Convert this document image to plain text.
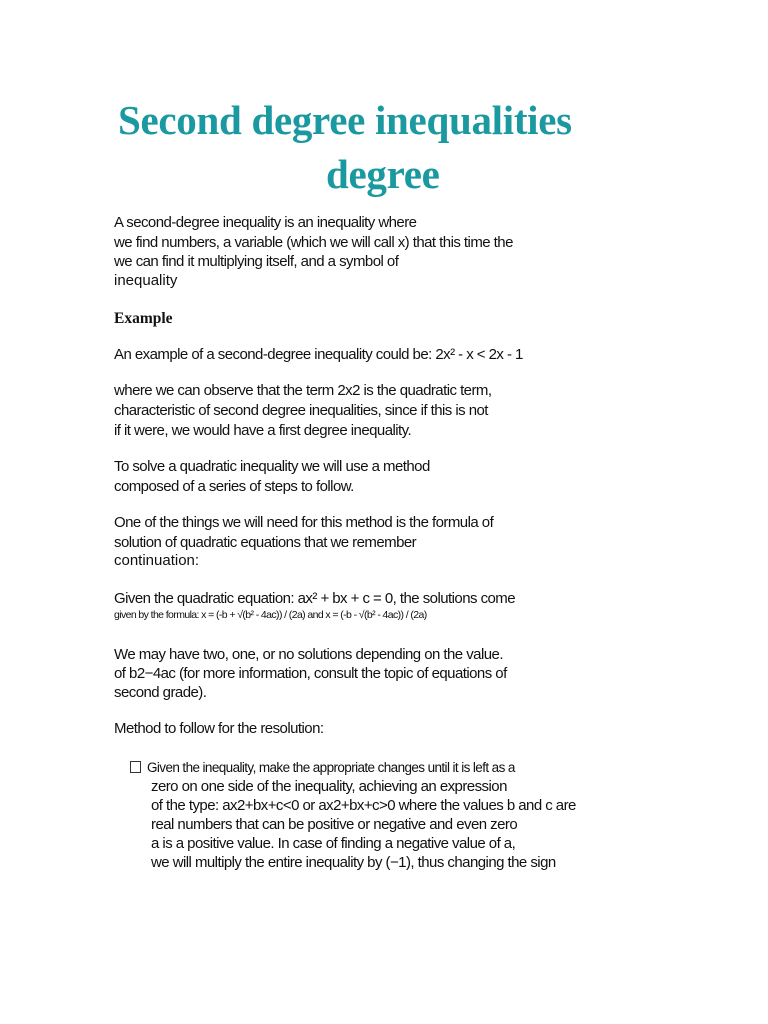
Second degree inequalities
degree

A second-degree inequality is an inequality where

we find numbers, a variable (which we will call x) that this time the

we can find it multiplying itself, and a symbol of

inequality

Example

An example of a second-degree inequality could be: 2x² - x < 2x - 1

where we can observe that the term 2x2 is the quadratic term,

characteristic of second degree inequalities, since if this is not

if it were, we would have a first degree inequality.

To solve a quadratic inequality we will use a method

composed of a series of steps to follow.

One of the things we will need for this method is the formula of

solution of quadratic equations that we remember

continuation:

Given the quadratic equation: ax² + bx + c = 0, the solutions come

given by the formula: x = (-b + √(b² - 4ac)) / (2a) and x = (-b - √(b² - 4ac)) / (2a)

We may have two, one, or no solutions depending on the value.

of b2−4ac (for more information, consult the topic of equations of

second grade).

Method to follow for the resolution:

Given the inequality, make the appropriate changes until it is left as a

zero on one side of the inequality, achieving an expression

of the type: ax2+bx+c<0 or ax2+bx+c>0 where the values b and c are

real numbers that can be positive or negative and even zero

a is a positive value. In case of finding a negative value of a,

we will multiply the entire inequality by (−1), thus changing the sign
